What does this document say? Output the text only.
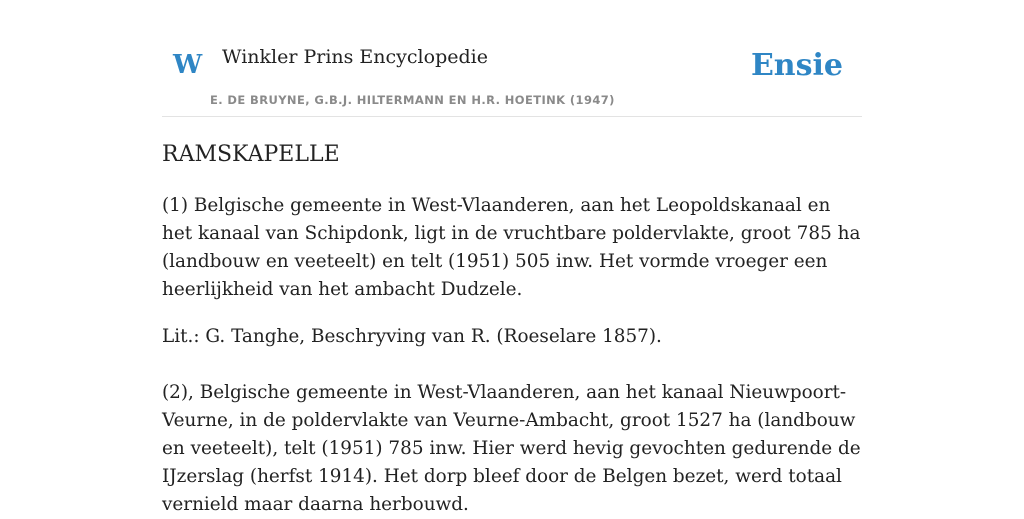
W Winkler Prins Encyclopedie
E. DE BRUYNE, G.B.J. HILTERMANN EN H.R. HOETINK (1947)
Ensie
RAMSKAPELLE

(1) Belgische gemeente in West-Vlaanderen, aan het Leopoldskanaal en het kanaal van Schipdonk, ligt in de vruchtbare poldervlakte, groot 785 ha (landbouw en veeteelt) en telt (1951) 505 inw. Het vormde vroeger een heerlijkheid van het ambacht Dudzele.

Lit.: G. Tanghe, Beschryving van R. (Roeselare 1857).

(2), Belgische gemeente in West-Vlaanderen, aan het kanaal Nieuwpoort-Veurne, in de poldervlakte van Veurne-Ambacht, groot 1527 ha (landbouw en veeteelt), telt (1951) 785 inw. Hier werd hevig gevochten gedurende de IJzerslag (herfst 1914). Het dorp bleef door de Belgen bezet, werd totaal vernield maar daarna herbouwd.
